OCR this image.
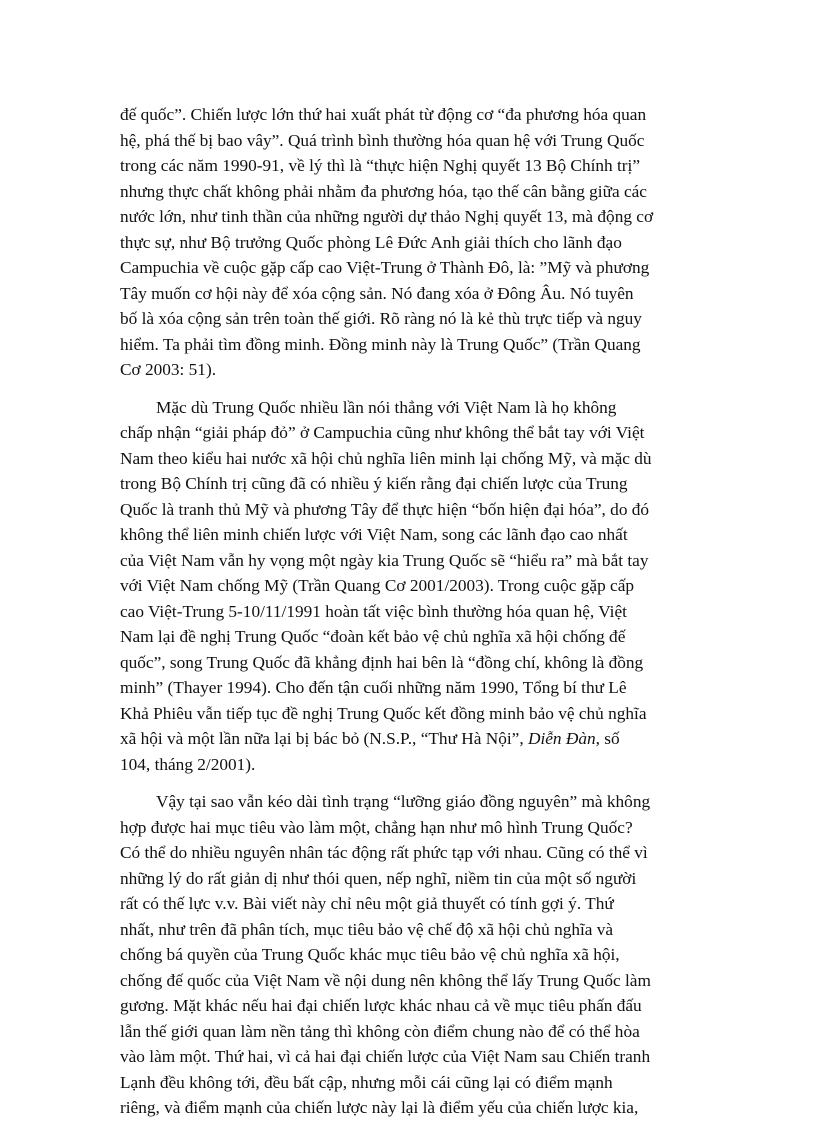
đế quốc”. Chiến lược lớn thứ hai xuất phát từ động cơ “đa phương hóa quan
hệ, phá thế bị bao vây”. Quá trình bình thường hóa quan hệ với Trung Quốc
trong các năm 1990-91, về lý thì là “thực hiện Nghị quyết 13 Bộ Chính trị”
nhưng thực chất không phải nhằm đa phương hóa, tạo thế cân bằng giữa các
nước lớn, như tinh thần của những người dự thảo Nghị quyết 13, mà động cơ
thực sự, như Bộ trưởng Quốc phòng Lê Đức Anh giải thích cho lãnh đạo
Campuchia về cuộc gặp cấp cao Việt-Trung ở Thành Đô, là: ”Mỹ và phương
Tây muốn cơ hội này để xóa cộng sản. Nó đang xóa ở Đông Âu. Nó tuyên
bố là xóa cộng sản trên toàn thế giới. Rõ ràng nó là kẻ thù trực tiếp và nguy
hiểm. Ta phải tìm đồng minh. Đồng minh này là Trung Quốc” (Trần Quang
Cơ 2003: 51).
Mặc dù Trung Quốc nhiều lần nói thẳng với Việt Nam là họ không
chấp nhận “giải pháp đỏ” ở Campuchia cũng như không thể bắt tay với Việt
Nam theo kiểu hai nước xã hội chủ nghĩa liên minh lại chống Mỹ, và mặc dù
trong Bộ Chính trị cũng đã có nhiều ý kiến rằng đại chiến lược của Trung
Quốc là tranh thủ Mỹ và phương Tây để thực hiện “bốn hiện đại hóa”, do đó
không thể liên minh chiến lược với Việt Nam, song các lãnh đạo cao nhất
của Việt Nam vẫn hy vọng một ngày kia Trung Quốc sẽ “hiểu ra” mà bắt tay
với Việt Nam chống Mỹ (Trần Quang Cơ 2001/2003). Trong cuộc gặp cấp
cao Việt-Trung 5-10/11/1991 hoàn tất việc bình thường hóa quan hệ, Việt
Nam lại đề nghị Trung Quốc “đoàn kết bảo vệ chủ nghĩa xã hội chống đế
quốc”, song Trung Quốc đã khẳng định hai bên là “đồng chí, không là đồng
minh” (Thayer 1994). Cho đến tận cuối những năm 1990, Tổng bí thư Lê
Khả Phiêu vẫn tiếp tục đề nghị Trung Quốc kết đồng minh bảo vệ chủ nghĩa
xã hội và một lần nữa lại bị bác bỏ (N.S.P., “Thư Hà Nội”, Diễn Đàn, số
104, tháng 2/2001).
Vậy tại sao vẫn kéo dài tình trạng “lưỡng giáo đồng nguyên” mà không
hợp được hai mục tiêu vào làm một, chẳng hạn như mô hình Trung Quốc?
Có thể do nhiều nguyên nhân tác động rất phức tạp với nhau. Cũng có thể vì
những lý do rất giản dị như thói quen, nếp nghĩ, niềm tin của một số người
rất có thế lực v.v. Bài viết này chỉ nêu một giả thuyết có tính gợi ý. Thứ
nhất, như trên đã phân tích, mục tiêu bảo vệ chế độ xã hội chủ nghĩa và
chống bá quyền của Trung Quốc khác mục tiêu bảo vệ chủ nghĩa xã hội,
chống đế quốc của Việt Nam về nội dung nên không thể lấy Trung Quốc làm
gương. Mặt khác nếu hai đại chiến lược khác nhau cả về mục tiêu phấn đấu
lẫn thế giới quan làm nền tảng thì không còn điểm chung nào để có thể hòa
vào làm một. Thứ hai, vì cả hai đại chiến lược của Việt Nam sau Chiến tranh
Lạnh đều không tới, đều bất cập, nhưng mỗi cái cũng lại có điểm mạnh
riêng, và điểm mạnh của chiến lược này lại là điểm yếu của chiến lược kia,
